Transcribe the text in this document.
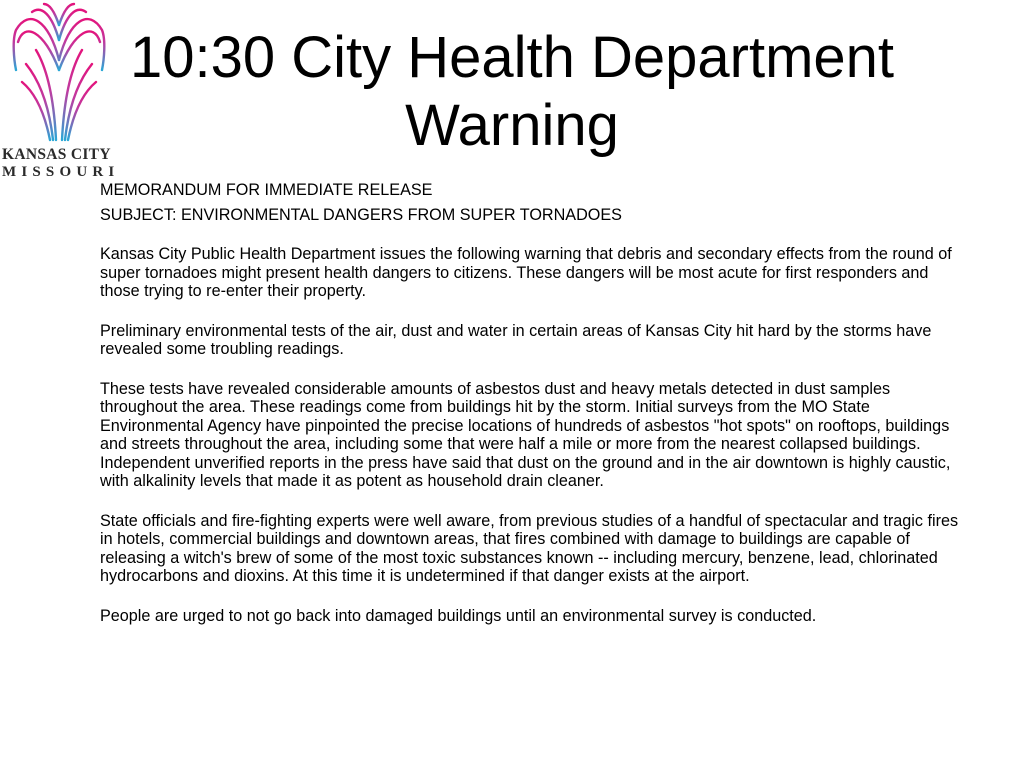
KANSAS CITY
MISSOURI
10:30 City Health Department
Warning

MEMORANDUM FOR IMMEDIATE RELEASE

SUBJECT: ENVIRONMENTAL DANGERS FROM SUPER TORNADOES

Kansas City Public Health Department issues the following warning that debris and secondary effects from the round of super tornadoes might present health dangers to citizens. These dangers will be most acute for first responders and those trying to re-enter their property.

Preliminary environmental tests of the air, dust and water in certain areas of Kansas City hit hard by the storms have revealed some troubling readings.

These tests have revealed considerable amounts of asbestos dust and heavy metals detected in dust samples throughout the area. These readings come from buildings hit by the storm. Initial surveys from the MO State Environmental Agency have pinpointed the precise locations of hundreds of asbestos "hot spots" on rooftops, buildings and streets throughout the area, including some that were half a mile or more from the nearest collapsed buildings. Independent unverified reports in the press have said that dust on the ground and in the air downtown is highly caustic, with alkalinity levels that made it as potent as household drain cleaner.

State officials and fire-fighting experts were well aware, from previous studies of a handful of spectacular and tragic fires in hotels, commercial buildings and downtown areas, that fires combined with damage to buildings are capable of releasing a witch's brew of some of the most toxic substances known -- including mercury, benzene, lead, chlorinated hydrocarbons and dioxins. At this time it is undetermined if that danger exists at the airport.

People are urged to not go back into damaged buildings until an environmental survey is conducted.
